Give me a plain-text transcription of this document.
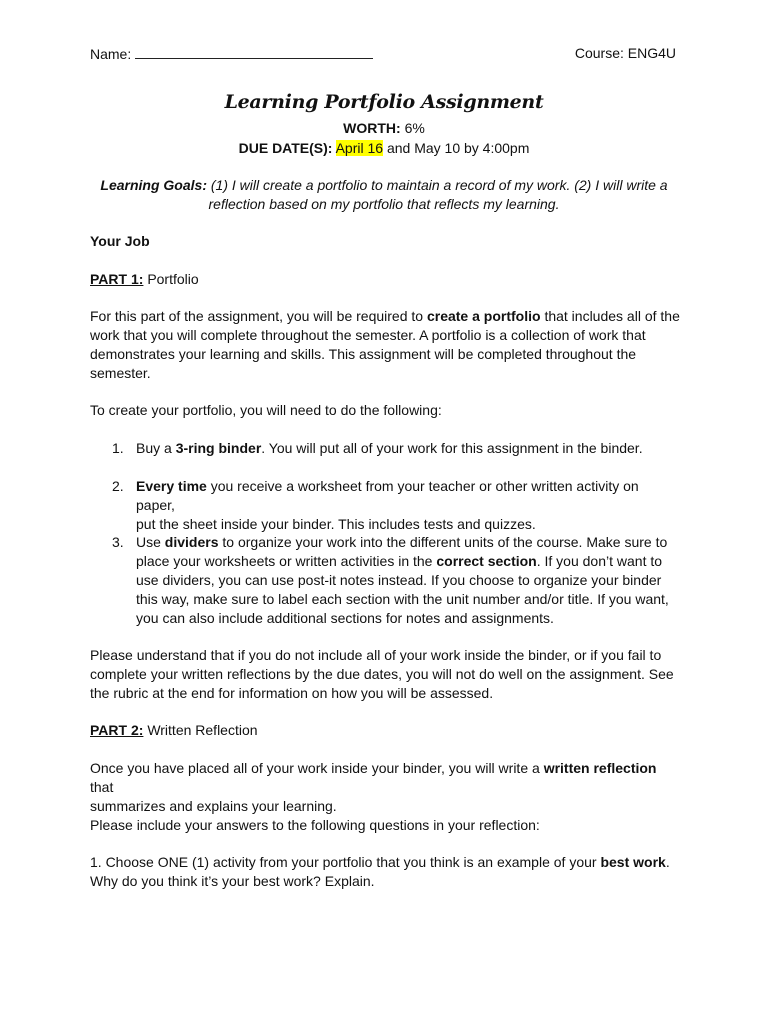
Name:	Course: ENG4U
Learning Portfolio Assignment
WORTH: 6%
DUE DATE(S): April 16 and May 10 by 4:00pm
Learning Goals: (1) I will create a portfolio to maintain a record of my work. (2) I will write a
reflection based on my portfolio that reflects my learning.
Your Job
PART 1: Portfolio
For this part of the assignment, you will be required to create a portfolio that includes all of the
work that you will complete throughout the semester. A portfolio is a collection of work that
demonstrates your learning and skills. This assignment will be completed throughout the
semester.
To create your portfolio, you will need to do the following:
1. Buy a 3-ring binder. You will put all of your work for this assignment in the binder.
2. Every time you receive a worksheet from your teacher or other written activity on paper,
put the sheet inside your binder. This includes tests and quizzes.
3. Use dividers to organize your work into the different units of the course. Make sure to
place your worksheets or written activities in the correct section. If you don’t want to
use dividers, you can use post-it notes instead. If you choose to organize your binder
this way, make sure to label each section with the unit number and/or title. If you want,
you can also include additional sections for notes and assignments.
Please understand that if you do not include all of your work inside the binder, or if you fail to
complete your written reflections by the due dates, you will not do well on the assignment. See
the rubric at the end for information on how you will be assessed.
PART 2: Written Reflection
Once you have placed all of your work inside your binder, you will write a written reflection that
summarizes and explains your learning.
Please include your answers to the following questions in your reflection:
1. Choose ONE (1) activity from your portfolio that you think is an example of your best work.
Why do you think it’s your best work? Explain.
